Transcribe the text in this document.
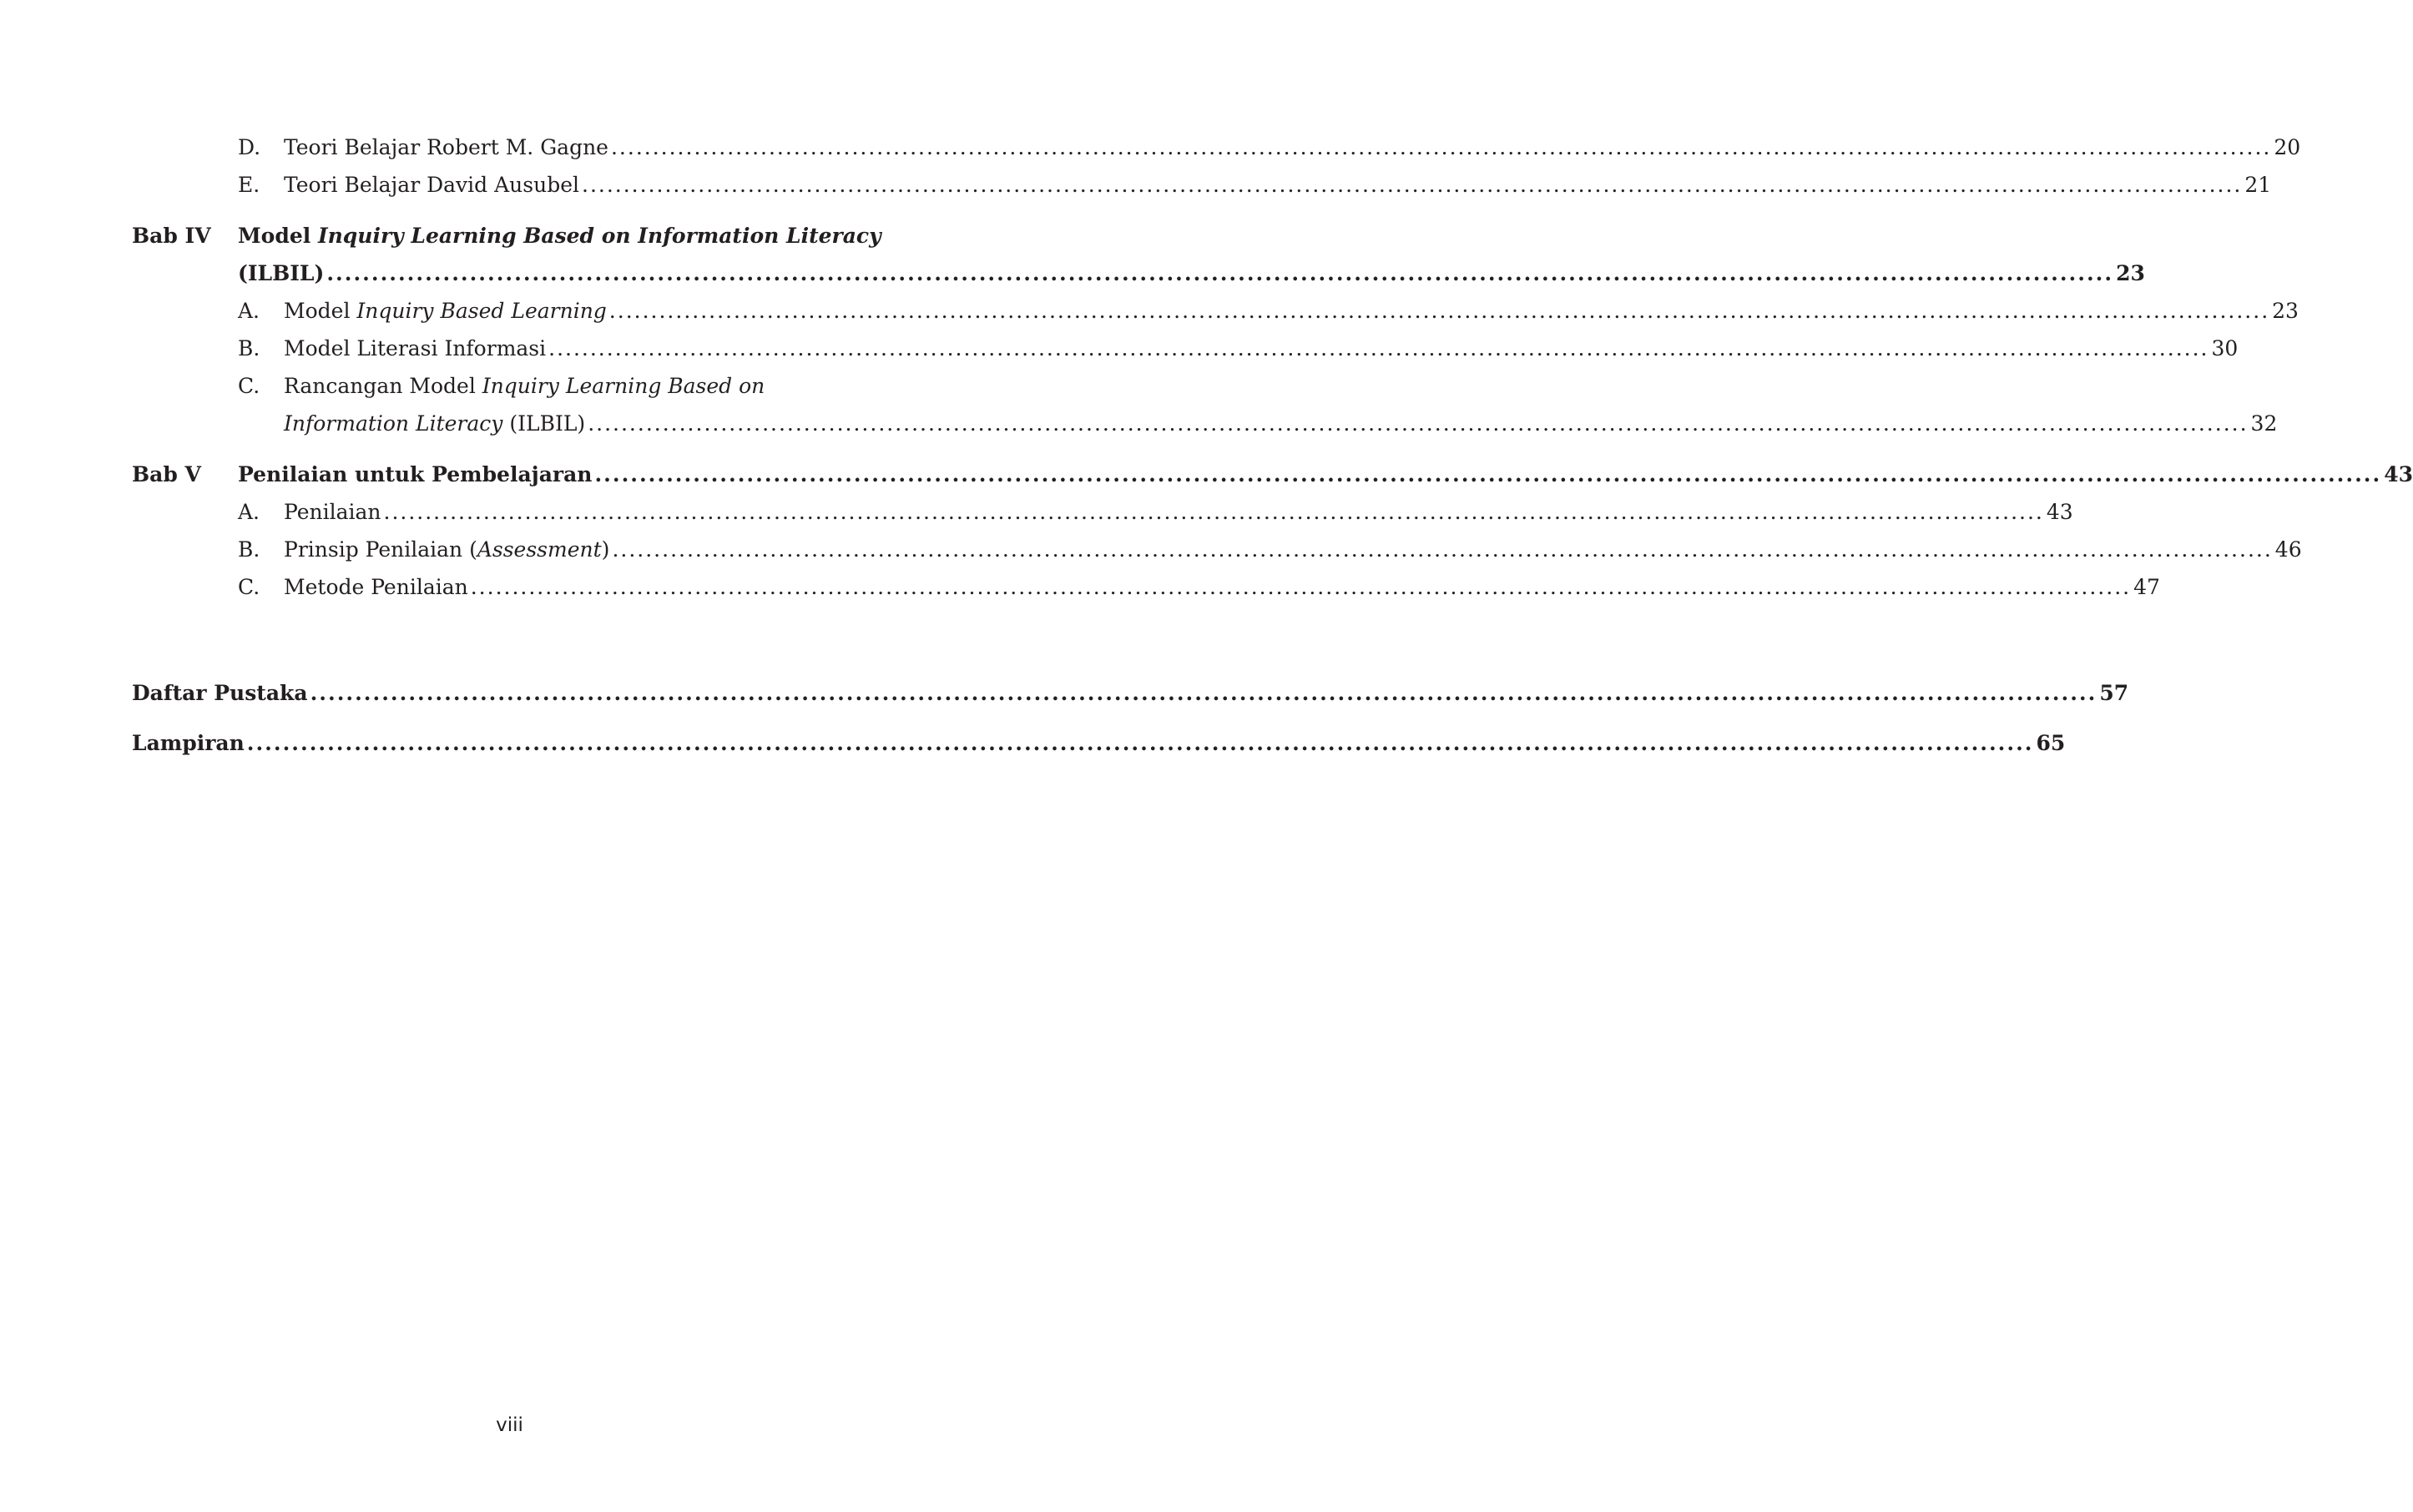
D.	Teori Belajar Robert M. Gagne ........................................................................................................................................................................................................ 20
E.	Teori Belajar David Ausubel ........................................................................................................................................................................................................ 21
Bab IV	Model Inquiry Learning Based on Information Literacy
(ILBIL) ........................................................................................................................................................................................................ 23
A.	Model Inquiry Based Learning ........................................................................................................................................................................................................ 23
B.	Model Literasi Informasi ........................................................................................................................................................................................................ 30
C.	Rancangan Model Inquiry Learning Based on
Information Literacy (ILBIL) ........................................................................................................................................................................................................ 32
Bab V	Penilaian untuk Pembelajaran ........................................................................................................................................................................................................ 43
A.	Penilaian ........................................................................................................................................................................................................ 43
B.	Prinsip Penilaian (Assessment) ........................................................................................................................................................................................................ 46
C.	Metode Penilaian ........................................................................................................................................................................................................ 47
Daftar Pustaka ........................................................................................................................................................................................................ 57
Lampiran ........................................................................................................................................................................................................ 65
viii
